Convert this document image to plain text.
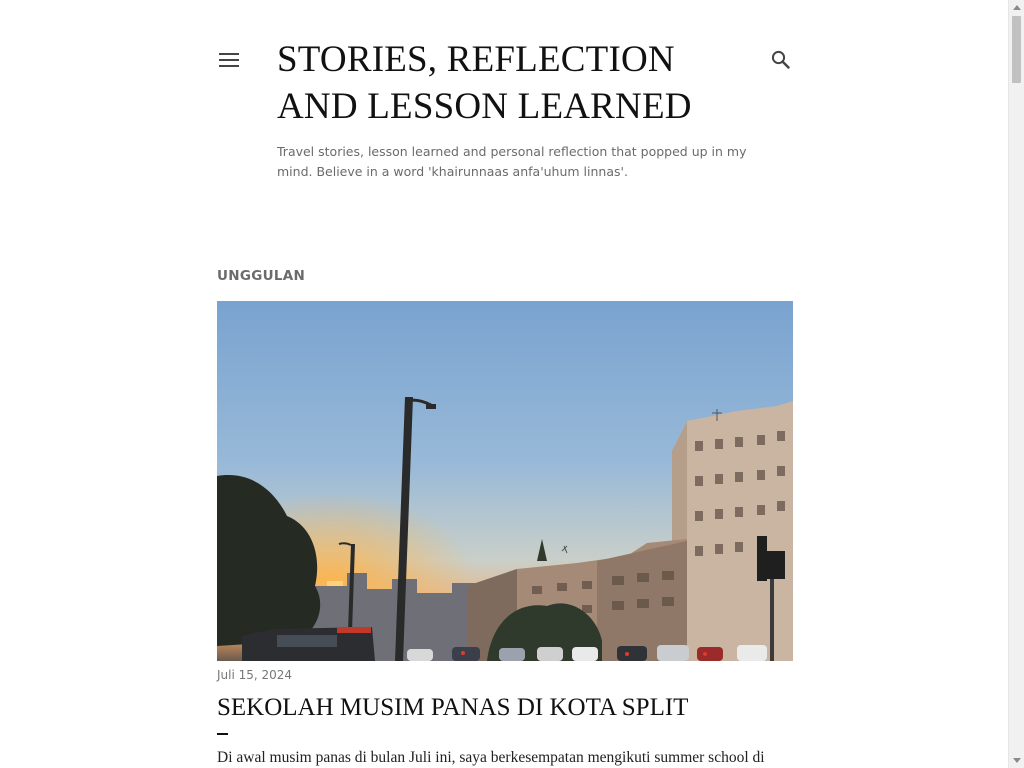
STORIES, REFLECTION AND LESSON LEARNED

Travel stories, lesson learned and personal reflection that popped up in my mind. Believe in a word 'khairunnaas anfa'uhum linnas'.

UNGGULAN

Juli 15, 2024

SEKOLAH MUSIM PANAS DI KOTA SPLIT

Di awal musim panas di bulan Juli ini, saya berkesempatan mengikuti summer school di
